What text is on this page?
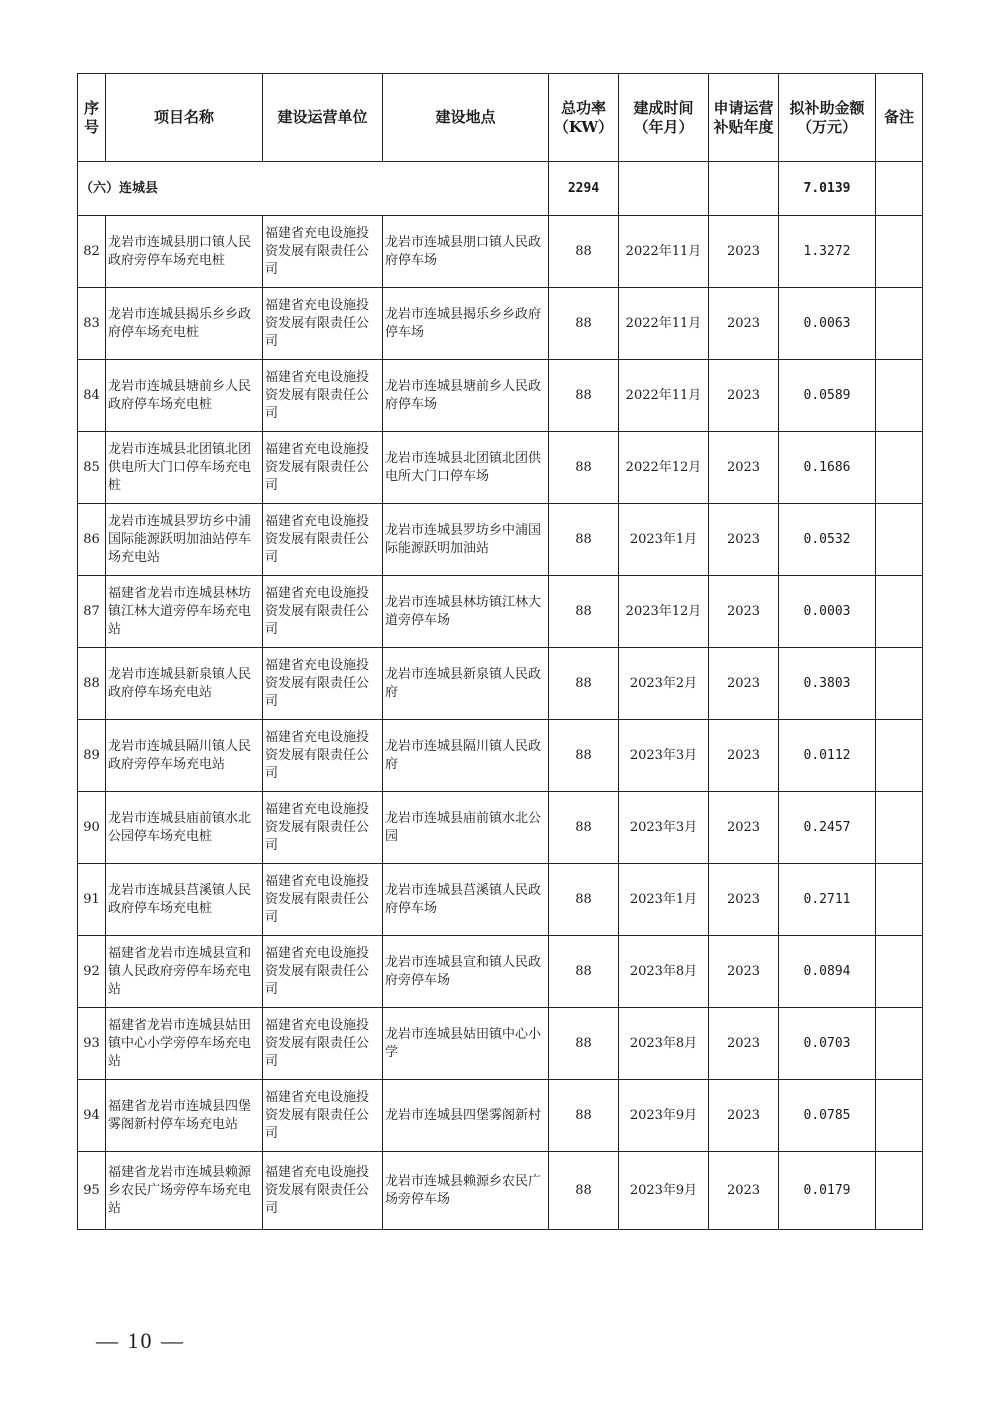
序号	项目名称	建设运营单位	建设地点	总功率（KW）	建成时间（年月）	申请运营补贴年度	拟补助金额（万元）	备注
（六）连城县				2294			7.0139	
82	龙岩市连城县朋口镇人民政府旁停车场充电桩	福建省充电设施投资发展有限责任公司	龙岩市连城县朋口镇人民政府停车场	88	2022年11月	2023	1.3272	
83	龙岩市连城县揭乐乡乡政府停车场充电桩	福建省充电设施投资发展有限责任公司	龙岩市连城县揭乐乡乡政府停车场	88	2022年11月	2023	0.0063	
84	龙岩市连城县塘前乡人民政府停车场充电桩	福建省充电设施投资发展有限责任公司	龙岩市连城县塘前乡人民政府停车场	88	2022年11月	2023	0.0589	
85	龙岩市连城县北团镇北团供电所大门口停车场充电桩	福建省充电设施投资发展有限责任公司	龙岩市连城县北团镇北团供电所大门口停车场	88	2022年12月	2023	0.1686	
86	龙岩市连城县罗坊乡中浦国际能源跃明加油站停车场充电站	福建省充电设施投资发展有限责任公司	龙岩市连城县罗坊乡中浦国际能源跃明加油站	88	2023年1月	2023	0.0532	
87	福建省龙岩市连城县林坊镇江林大道旁停车场充电站	福建省充电设施投资发展有限责任公司	龙岩市连城县林坊镇江林大道旁停车场	88	2023年12月	2023	0.0003	
88	龙岩市连城县新泉镇人民政府停车场充电站	福建省充电设施投资发展有限责任公司	龙岩市连城县新泉镇人民政府	88	2023年2月	2023	0.3803	
89	龙岩市连城县隔川镇人民政府旁停车场充电站	福建省充电设施投资发展有限责任公司	龙岩市连城县隔川镇人民政府	88	2023年3月	2023	0.0112	
90	龙岩市连城县庙前镇水北公园停车场充电桩	福建省充电设施投资发展有限责任公司	龙岩市连城县庙前镇水北公园	88	2023年3月	2023	0.2457	
91	龙岩市连城县莒溪镇人民政府停车场充电桩	福建省充电设施投资发展有限责任公司	龙岩市连城县莒溪镇人民政府停车场	88	2023年1月	2023	0.2711	
92	福建省龙岩市连城县宣和镇人民政府旁停车场充电站	福建省充电设施投资发展有限责任公司	龙岩市连城县宣和镇人民政府旁停车场	88	2023年8月	2023	0.0894	
93	福建省龙岩市连城县姑田镇中心小学旁停车场充电站	福建省充电设施投资发展有限责任公司	龙岩市连城县姑田镇中心小学	88	2023年8月	2023	0.0703	
94	福建省龙岩市连城县四堡雾阁新村停车场充电站	福建省充电设施投资发展有限责任公司	龙岩市连城县四堡雾阁新村	88	2023年9月	2023	0.0785	
95	福建省龙岩市连城县赖源乡农民广场旁停车场充电站	福建省充电设施投资发展有限责任公司	龙岩市连城县赖源乡农民广场旁停车场	88	2023年9月	2023	0.0179	
— 10 —
